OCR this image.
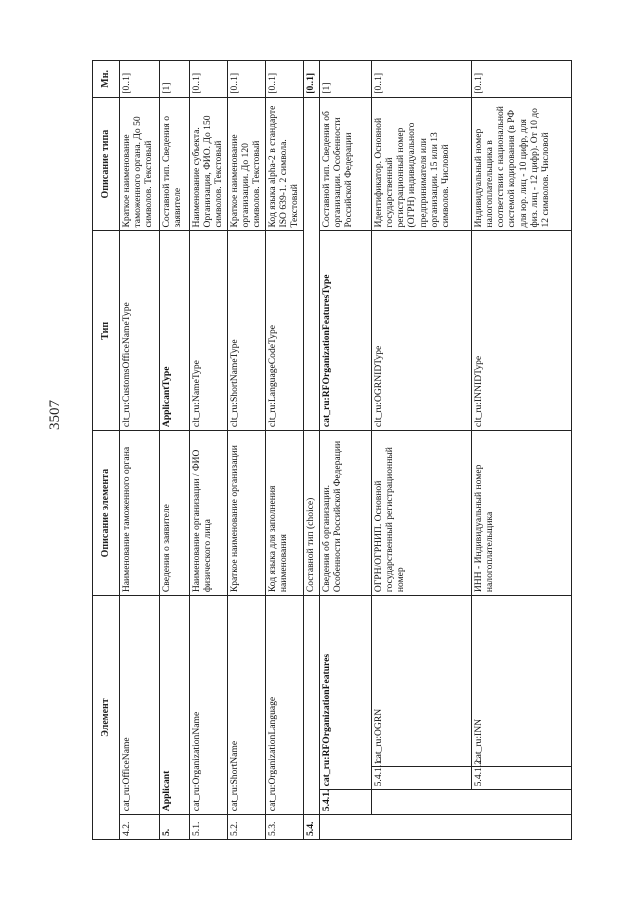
3507
Элемент				Описание элемента	Тип	Описание типа	Мн.
4.2.	cat_ru:OfficeName			Наименование таможенного органа	clt_ru:CustomsOfficeNameType	Краткое наименование таможенного органа. До 50 символов. Текстовый	[0..1]
5.	Applicant			Сведения о заявителе	ApplicantType	Составной тип. Сведения о заявителе	[1]
5.1.	cat_ru:OrganizationName			Наименование организации / ФИО физического лица	clt_ru:NameType	Наименование субъекта. Организация, ФИО. До 150 символов. Текстовый	[0..1]
5.2.	cat_ru:ShortName			Краткое наименование организации	clt_ru:ShortNameType	Краткое наименование организации. До 120 символов. Текстовый	[0..1]
5.3.	cat_ru:OrganizationLanguage			Код языка для заполнения наименования	clt_ru:LanguageCodeType	Код языка alpha-2 в стандарте ISO 639-1. 2 символа. Текстовый	[0..1]
5.4.				Составной тип (choice)			[0..1]
	5.4.1.	cat_ru:RFOrganizationFeatures		Сведения об организации. Особенности Российской Федерации	cat_ru:RFOrganizationFeaturesType	Составной тип. Сведения об организации. Особенности Российской Федерации	[1]
		5.4.1.1.	cat_ru:OGRN	ОГРН/ОГРНИП. Основной государственный регистрационный номер	clt_ru:OGRNIDType	Идентификатор. Основной государственный регистрационный номер (ОГРН) индивидуального предпринимателя или организации. 15 или 13 символов. Числовой	[0..1]
		5.4.1.2.	cat_ru:INN	ИНН - Индивидуальный номер налогоплательщика	clt_ru:INNIDType	Индивидуальный номер налогоплательщика в соответствии с национальной системой кодирования (в РФ для юр. лиц - 10 цифр, для физ. лиц - 12 цифр). От 10 до 12 символов. Числовой	[0..1]
